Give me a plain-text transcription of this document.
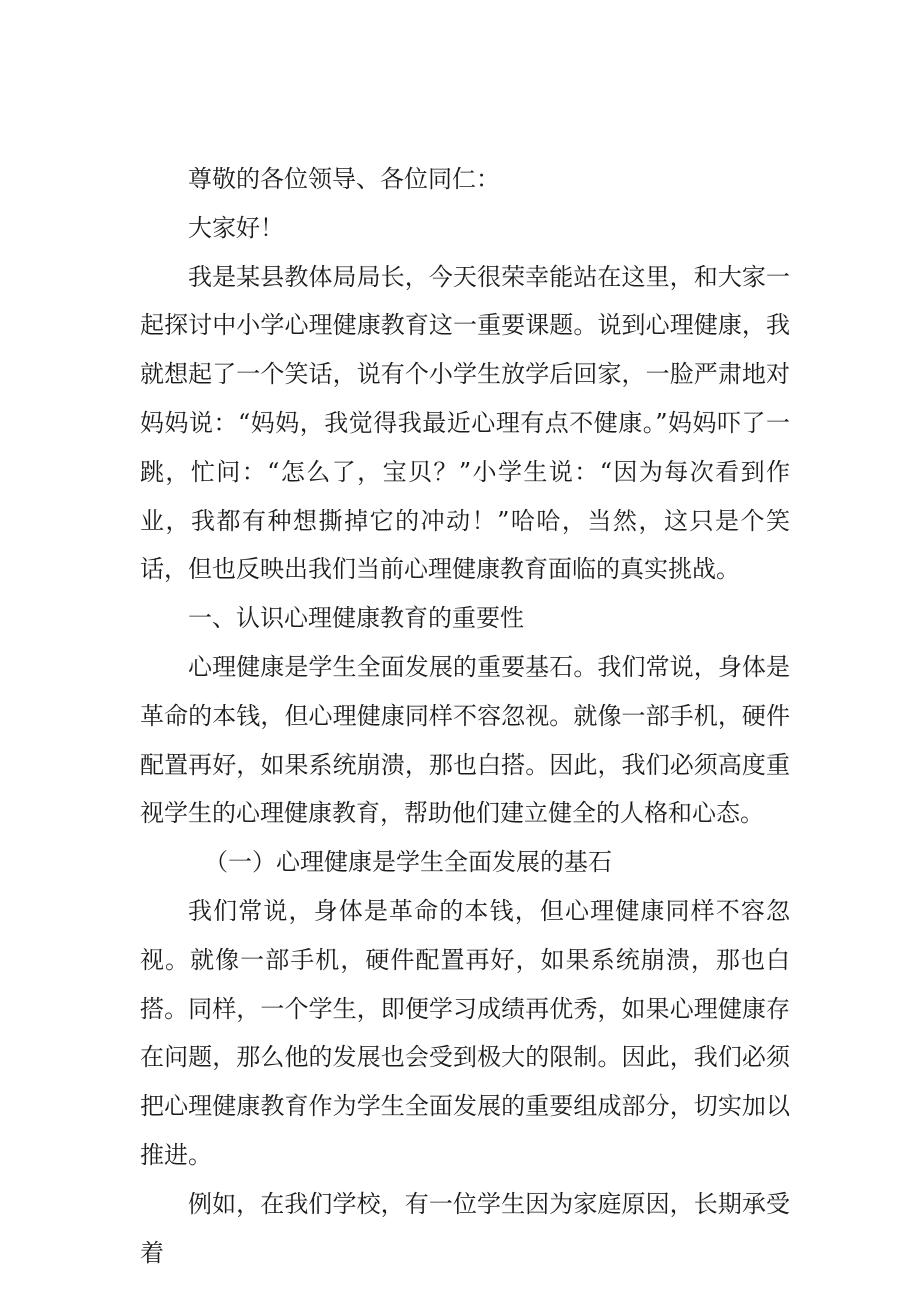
尊敬的各位领导、各位同仁：

大家好！

我是某县教体局局长，今天很荣幸能站在这里，和大家一起探讨中小学心理健康教育这一重要课题。说到心理健康，我就想起了一个笑话，说有个小学生放学后回家，一脸严肃地对妈妈说：“妈妈，我觉得我最近心理有点不健康。”妈妈吓了一跳，忙问：“怎么了，宝贝？”小学生说：“因为每次看到作业，我都有种想撕掉它的冲动！”哈哈，当然，这只是个笑话，但也反映出我们当前心理健康教育面临的真实挑战。

一、认识心理健康教育的重要性

心理健康是学生全面发展的重要基石。我们常说，身体是革命的本钱，但心理健康同样不容忽视。就像一部手机，硬件配置再好，如果系统崩溃，那也白搭。因此，我们必须高度重视学生的心理健康教育，帮助他们建立健全的人格和心态。

（一）心理健康是学生全面发展的基石

我们常说，身体是革命的本钱，但心理健康同样不容忽视。就像一部手机，硬件配置再好，如果系统崩溃，那也白搭。同样，一个学生，即便学习成绩再优秀，如果心理健康存在问题，那么他的发展也会受到极大的限制。因此，我们必须把心理健康教育作为学生全面发展的重要组成部分，切实加以推进。

例如，在我们学校，有一位学生因为家庭原因，长期承受着
